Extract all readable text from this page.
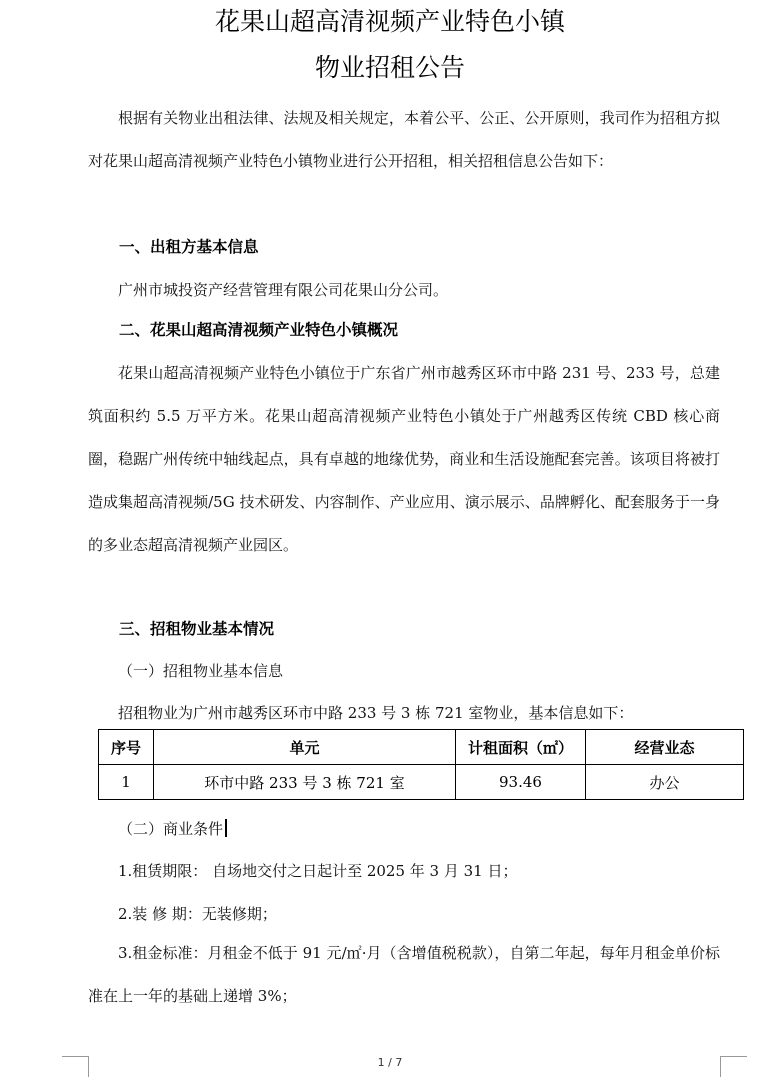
花果山超高清视频产业特色小镇
物业招租公告
根据有关物业出租法律、法规及相关规定，本着公平、公正、公开原则，我司作为招租方拟对花果山超高清视频产业特色小镇物业进行公开招租，相关招租信息公告如下：
一、出租方基本信息
广州市城投资产经营管理有限公司花果山分公司。
二、花果山超高清视频产业特色小镇概况
花果山超高清视频产业特色小镇位于广东省广州市越秀区环市中路 231 号、233 号，总建筑面积约 5.5 万平方米。花果山超高清视频产业特色小镇处于广州越秀区传统 CBD 核心商圈，稳踞广州传统中轴线起点，具有卓越的地缘优势，商业和生活设施配套完善。该项目将被打造成集超高清视频/5G 技术研发、内容制作、产业应用、演示展示、品牌孵化、配套服务于一身的多业态超高清视频产业园区。
三、招租物业基本情况
（一）招租物业基本信息
招租物业为广州市越秀区环市中路 233 号 3 栋 721 室物业，基本信息如下：
序号	单元	计租面积（㎡）	经营业态
1	环市中路 233 号 3 栋 721 室	93.46	办公
（二）商业条件
1.租赁期限： 自场地交付之日起计至 2025 年 3 月 31 日；
2.装 修 期：无装修期；
3.租金标准：月租金不低于 91 元/㎡·月（含增值税税款），自第二年起，每年月租金单价标准在上一年的基础上递增 3%；
1 / 7
